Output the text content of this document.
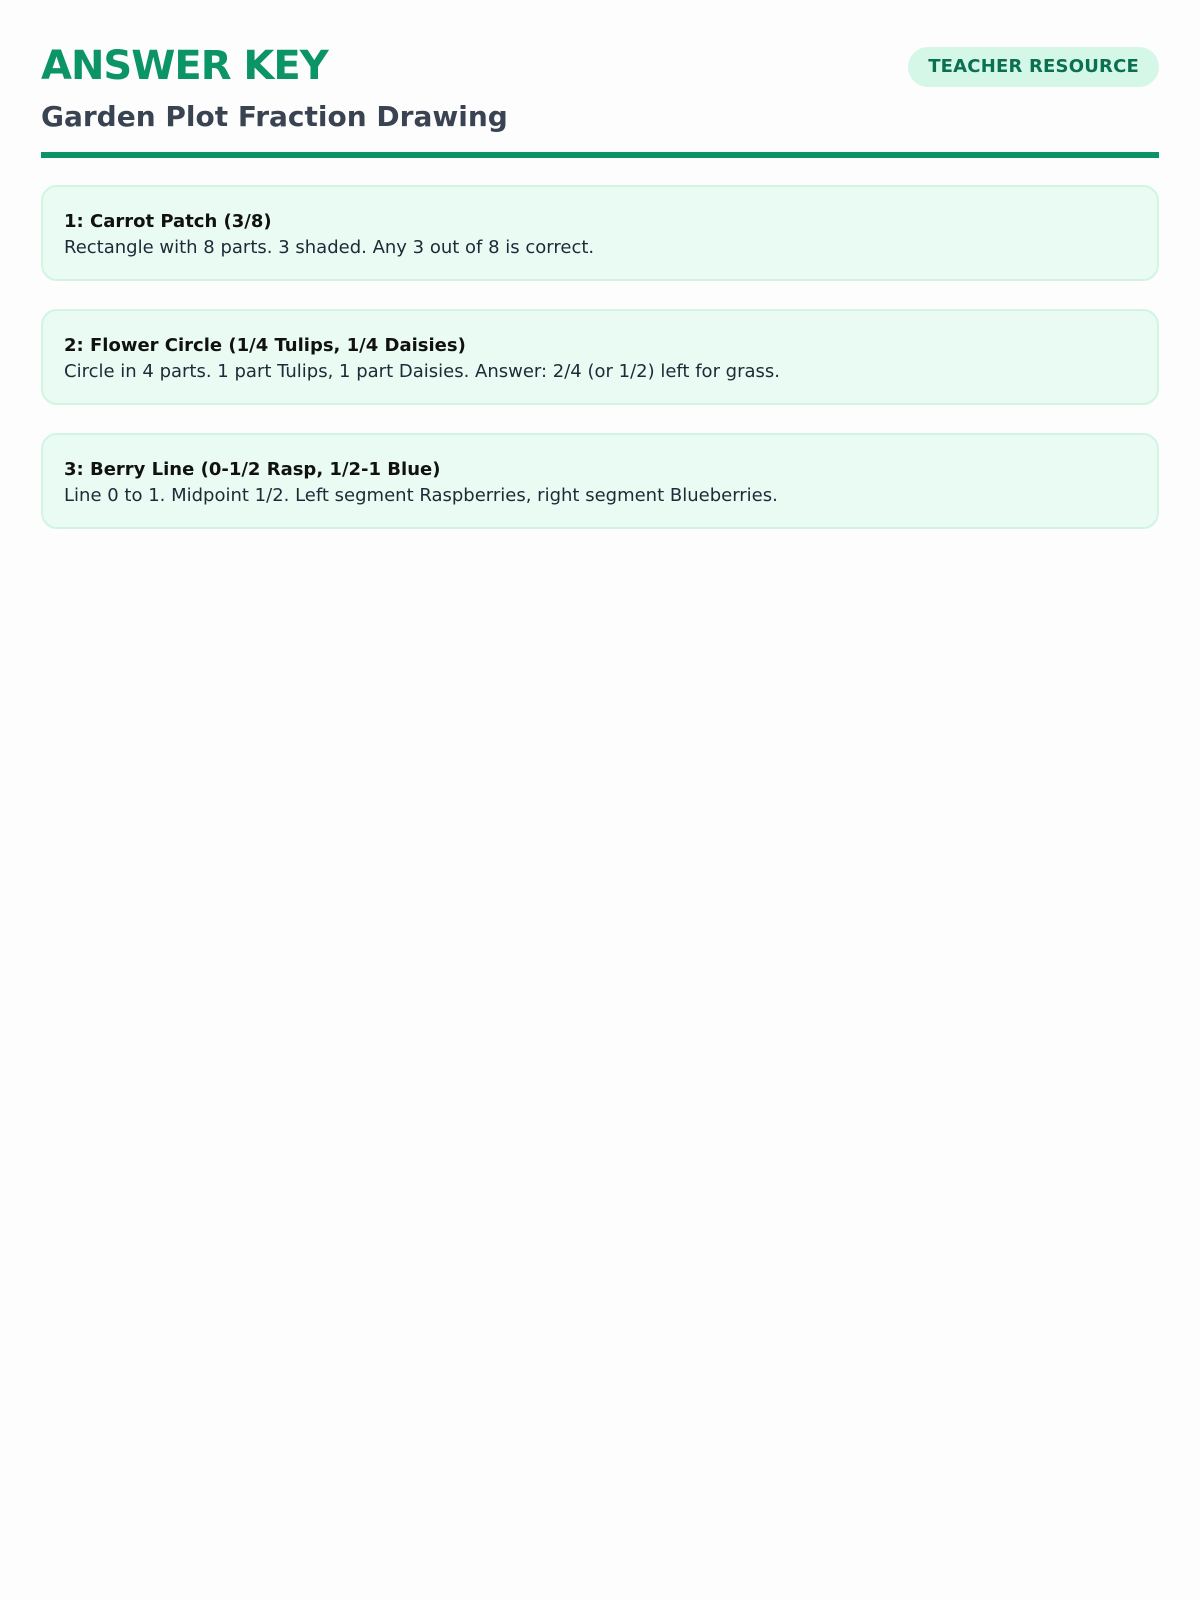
ANSWER KEY
Garden Plot Fraction Drawing
TEACHER RESOURCE
1: Carrot Patch (3/8)
Rectangle with 8 parts. 3 shaded. Any 3 out of 8 is correct.
2: Flower Circle (1/4 Tulips, 1/4 Daisies)
Circle in 4 parts. 1 part Tulips, 1 part Daisies. Answer: 2/4 (or 1/2) left for grass.
3: Berry Line (0-1/2 Rasp, 1/2-1 Blue)
Line 0 to 1. Midpoint 1/2. Left segment Raspberries, right segment Blueberries.
